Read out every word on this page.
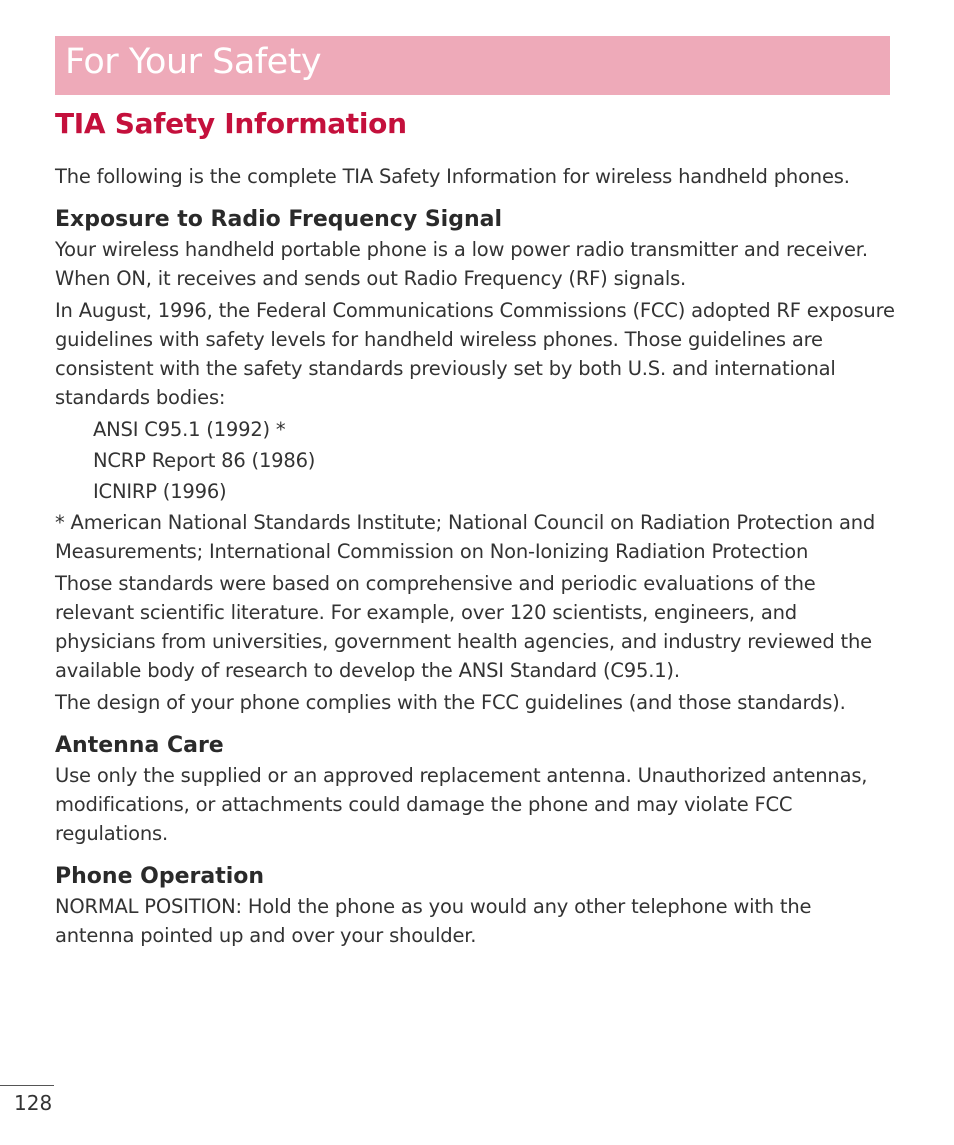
For Your Safety
TIA Safety Information

The following is the complete TIA Safety Information for wireless handheld phones.

Exposure to Radio Frequency Signal

Your wireless handheld portable phone is a low power radio transmitter and receiver. When ON, it receives and sends out Radio Frequency (RF) signals.

In August, 1996, the Federal Communications Commissions (FCC) adopted RF exposure guidelines with safety levels for handheld wireless phones. Those guidelines are consistent with the safety standards previously set by both U.S. and international standards bodies:

ANSI C95.1 (1992) *

NCRP Report 86 (1986)

ICNIRP (1996)

* American National Standards Institute; National Council on Radiation Protection and Measurements; International Commission on Non-Ionizing Radiation Protection

Those standards were based on comprehensive and periodic evaluations of the relevant scientific literature. For example, over 120 scientists, engineers, and physicians from universities, government health agencies, and industry reviewed the available body of research to develop the ANSI Standard (C95.1).

The design of your phone complies with the FCC guidelines (and those standards).

Antenna Care

Use only the supplied or an approved replacement antenna. Unauthorized antennas, modifications, or attachments could damage the phone and may violate FCC regulations.

Phone Operation

NORMAL POSITION: Hold the phone as you would any other telephone with the antenna pointed up and over your shoulder.

128
